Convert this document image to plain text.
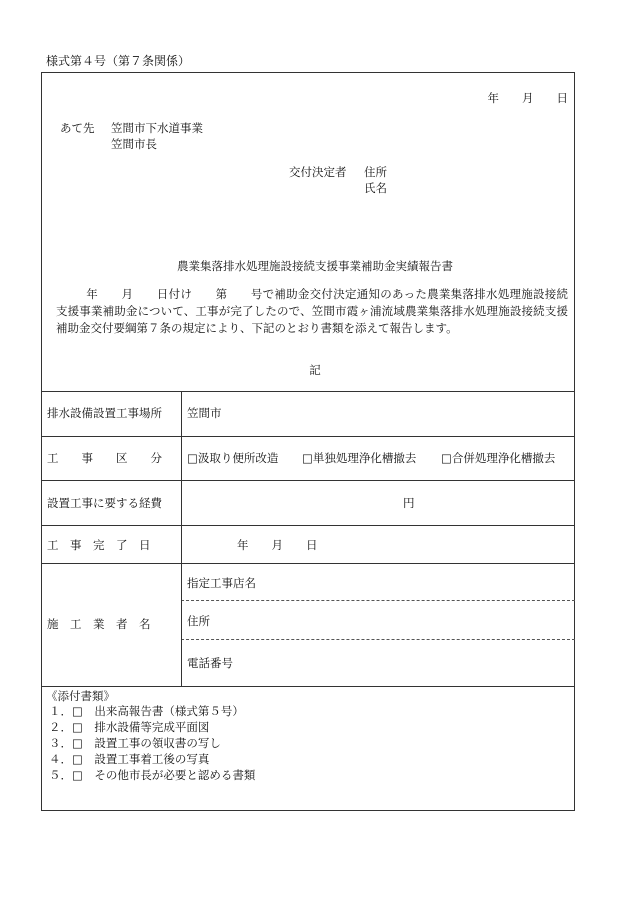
様式第４号（第７条関係）
年　　月　　日
あて先 笠間市下水道事業
笠間市長
交付決定者 住所
氏名
農業集落排水処理施設接続支援事業補助金実績報告書
年　　月　　日付け　　第　　号で補助金交付決定通知のあった農業集落排水処理施設接続支援事業補助金について、工事が完了したので、笠間市霞ヶ浦流域農業集落排水処理施設接続支援補助金交付要綱第７条の規定により、下記のとおり書類を添えて報告します。
記
排水設備設置工事場所 笠間市
工　　事　　区　　分 □汲取り便所改造 □単独処理浄化槽撤去 □合併処理浄化槽撤去
設置工事に要する経費	円
工　事　完　了　日	年　　月　　日
施　工　業　者　名
指定工事店名
住所
電話番号
《添付書類》
１．□　出来高報告書（様式第５号）
２．□　排水設備等完成平面図
３．□　設置工事の領収書の写し
４．□　設置工事着工後の写真
５．□　その他市長が必要と認める書類
